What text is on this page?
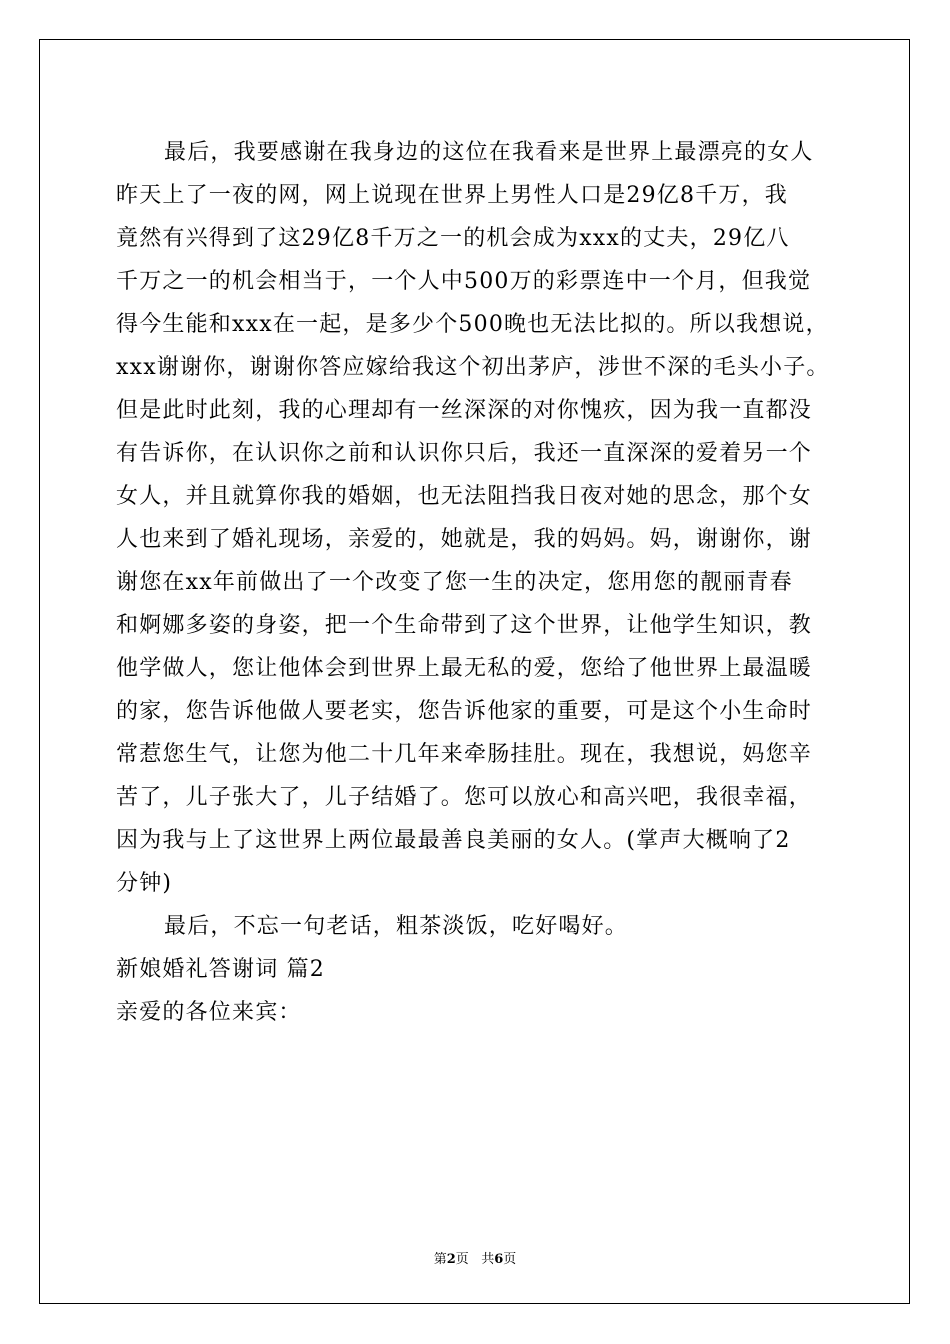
最后，我要感谢在我身边的这位在我看来是世界上最漂亮的女人
昨天上了一夜的网，网上说现在世界上男性人口是29亿8千万，我
竟然有兴得到了这29亿8千万之一的机会成为xxx的丈夫，29亿八
千万之一的机会相当于，一个人中500万的彩票连中一个月，但我觉
得今生能和xxx在一起，是多少个500晚也无法比拟的。所以我想说，
xxx谢谢你，谢谢你答应嫁给我这个初出茅庐，涉世不深的毛头小子。
但是此时此刻，我的心理却有一丝深深的对你愧疚，因为我一直都没
有告诉你，在认识你之前和认识你只后，我还一直深深的爱着另一个
女人，并且就算你我的婚姻，也无法阻挡我日夜对她的思念，那个女
人也来到了婚礼现场，亲爱的，她就是，我的妈妈。妈，谢谢你，谢
谢您在xx年前做出了一个改变了您一生的决定，您用您的靓丽青春
和婀娜多姿的身姿，把一个生命带到了这个世界，让他学生知识，教
他学做人，您让他体会到世界上最无私的爱，您给了他世界上最温暖
的家，您告诉他做人要老实，您告诉他家的重要，可是这个小生命时
常惹您生气，让您为他二十几年来牵肠挂肚。现在，我想说，妈您辛
苦了，儿子张大了，儿子结婚了。您可以放心和高兴吧，我很幸福，
因为我与上了这世界上两位最最善良美丽的女人。(掌声大概响了2
分钟)
最后，不忘一句老话，粗茶淡饭，吃好喝好。
新娘婚礼答谢词 篇2
亲爱的各位来宾：
第2页 共6页
